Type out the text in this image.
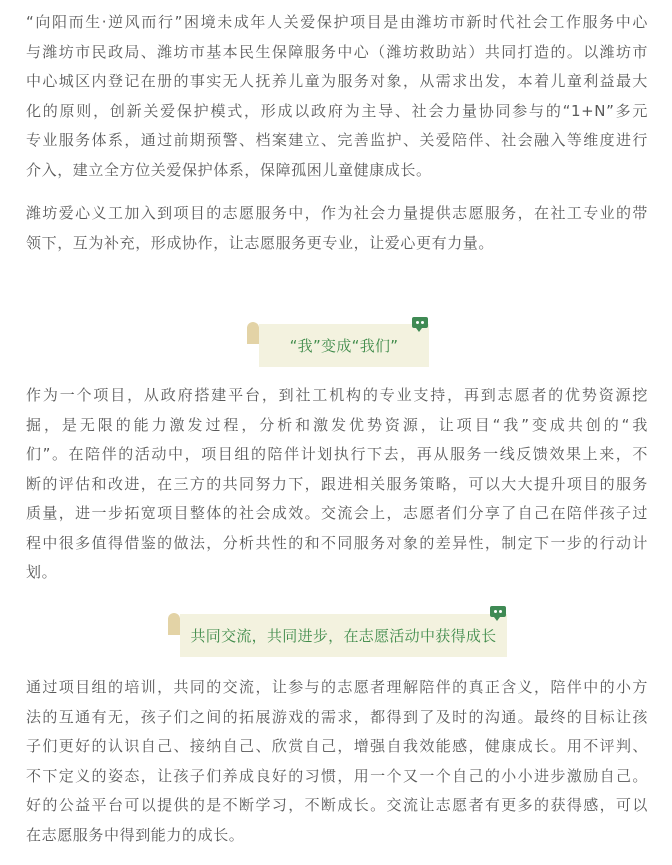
“向阳而生·逆风而行”困境未成年人关爱保护项目是由潍坊市新时代社会工作服务中心
与潍坊市民政局、潍坊市基本民生保障服务中心（潍坊救助站）共同打造的。以潍坊市
中心城区内登记在册的事实无人抚养儿童为服务对象，从需求出发，本着儿童利益最大
化的原则，创新关爱保护模式，形成以政府为主导、社会力量协同参与的“1+N”多元
专业服务体系，通过前期预警、档案建立、完善监护、关爱陪伴、社会融入等维度进行
介入，建立全方位关爱保护体系，保障孤困儿童健康成长。
潍坊爱心义工加入到项目的志愿服务中，作为社会力量提供志愿服务，在社工专业的带
领下，互为补充，形成协作，让志愿服务更专业，让爱心更有力量。
“我”变成“我们”
作为一个项目，从政府搭建平台，到社工机构的专业支持，再到志愿者的优势资源挖
掘，是无限的能力激发过程，分析和激发优势资源，让项目“我”变成共创的“我
们”。在陪伴的活动中，项目组的陪伴计划执行下去，再从服务一线反馈效果上来，不
断的评估和改进，在三方的共同努力下，跟进相关服务策略，可以大大提升项目的服务
质量，进一步拓宽项目整体的社会成效。交流会上，志愿者们分享了自己在陪伴孩子过
程中很多值得借鉴的做法，分析共性的和不同服务对象的差异性，制定下一步的行动计
划。
共同交流，共同进步，在志愿活动中获得成长
通过项目组的培训，共同的交流，让参与的志愿者理解陪伴的真正含义，陪伴中的小方
法的互通有无，孩子们之间的拓展游戏的需求，都得到了及时的沟通。最终的目标让孩
子们更好的认识自己、接纳自己、欣赏自己，增强自我效能感，健康成长。用不评判、
不下定义的姿态，让孩子们养成良好的习惯，用一个又一个自己的小小进步激励自己。
好的公益平台可以提供的是不断学习，不断成长。交流让志愿者有更多的获得感，可以
在志愿服务中得到能力的成长。
